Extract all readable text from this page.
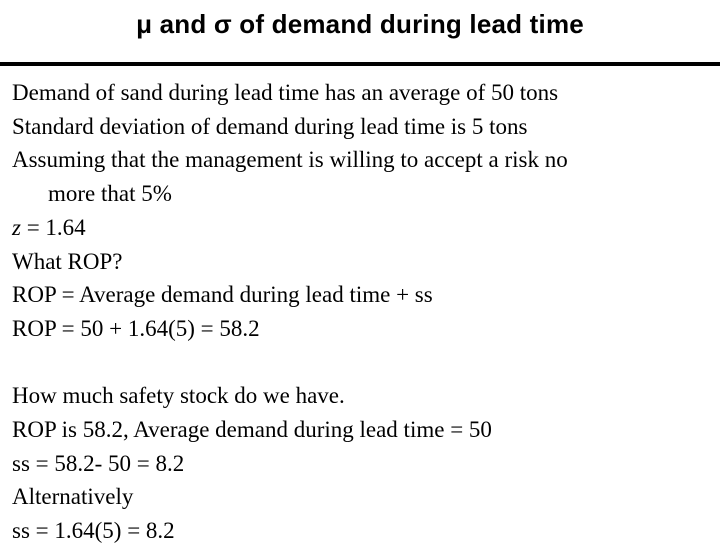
μ and σ of demand during lead time
Demand of sand during lead time has an average of 50 tons
Standard deviation of demand during lead time is 5 tons
Assuming that the management is willing to accept a risk no
more that 5%
z = 1.64
What ROP?
ROP = Average demand during lead time + ss
ROP = 50 + 1.64(5) = 58.2
How much safety stock do we have.
ROP is 58.2, Average demand during lead time = 50
ss = 58.2- 50 = 8.2
Alternatively
ss = 1.64(5) = 8.2
